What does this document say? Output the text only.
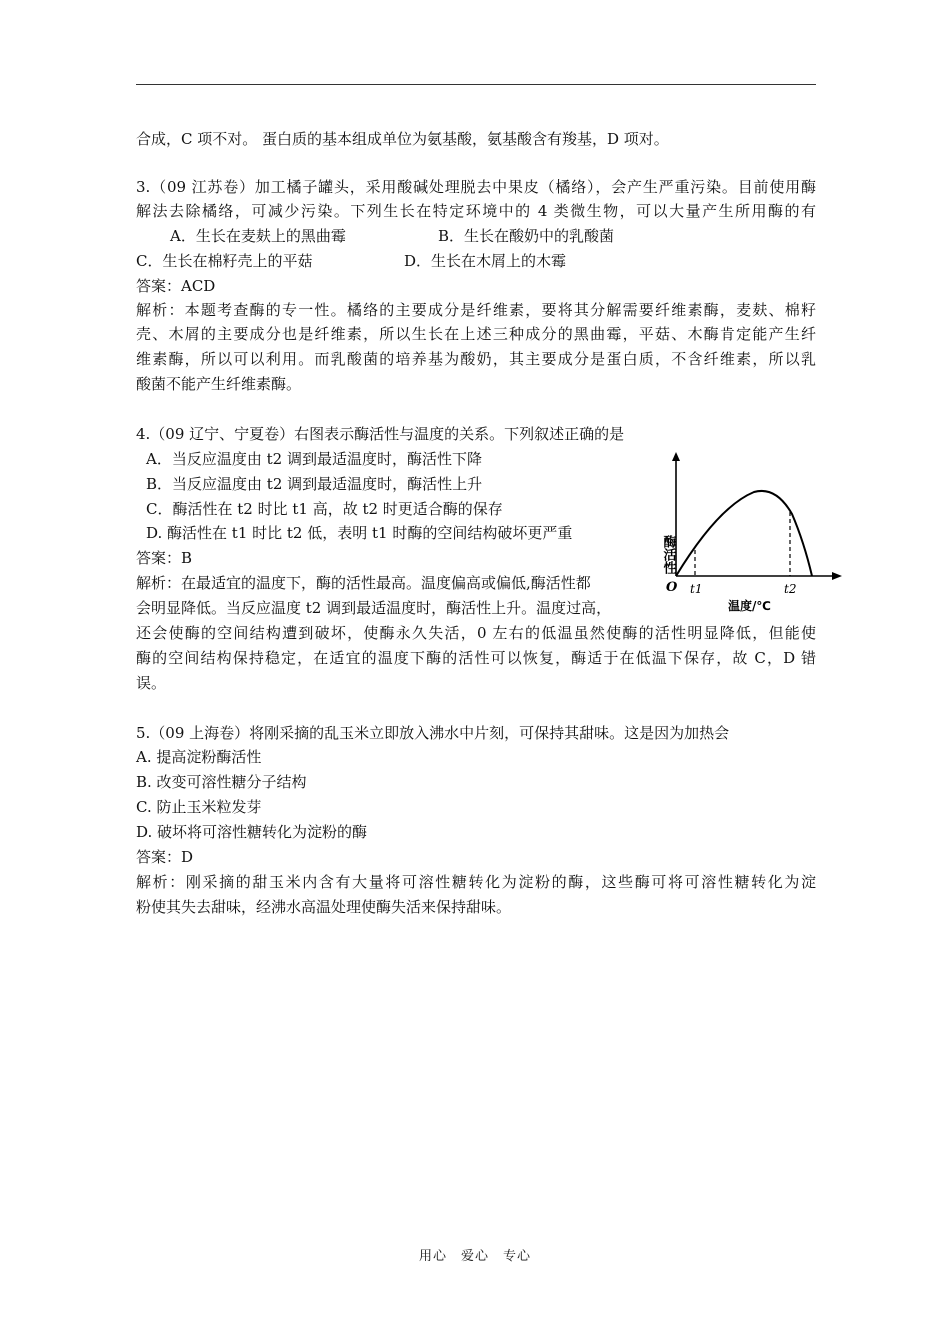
合成，C 项不对。 蛋白质的基本组成单位为氨基酸，氨基酸含有羧基，D 项对。
3.（09 江苏卷）加工橘子罐头，采用酸碱处理脱去中果皮（橘络），会产生严重污染。目前使用酶
解法去除橘络，可减少污染。下列生长在特定环境中的 4 类微生物，可以大量产生所用酶的有
A．生长在麦麸上的黑曲霉	B．生长在酸奶中的乳酸菌
C．生长在棉籽壳上的平菇	D．生长在木屑上的木霉
答案：ACD
解析：本题考查酶的专一性。橘络的主要成分是纤维素，要将其分解需要纤维素酶，麦麸、棉籽
壳、木屑的主要成分也是纤维素，所以生长在上述三种成分的黑曲霉，平菇、木酶肯定能产生纤
维素酶，所以可以利用。而乳酸菌的培养基为酸奶，其主要成分是蛋白质，不含纤维素，所以乳
酸菌不能产生纤维素酶。
4.（09 辽宁、宁夏卷）右图表示酶活性与温度的关系。下列叙述正确的是
A．当反应温度由 t2 调到最适温度时，酶活性下降
B．当反应温度由 t2 调到最适温度时，酶活性上升
C．酶活性在 t2 时比 t1 高，故 t2 时更适合酶的保存
D. 酶活性在 t1 时比 t2 低，表明 t1 时酶的空间结构破坏更严重
答案：B
解析：在最适宜的温度下，酶的活性最高。温度偏高或偏低,酶活性都
会明显降低。当反应温度 t2 调到最适温度时，酶活性上升。温度过高，
还会使酶的空间结构遭到破坏，使酶永久失活，0 左右的低温虽然使酶的活性明显降低，但能使
酶的空间结构保持稳定，在适宜的温度下酶的活性可以恢复，酶适于在低温下保存，故 C，D 错
误。
酶活性
O t1	t2
温度/℃
5.（09 上海卷）将刚采摘的乱玉米立即放入沸水中片刻，可保持其甜味。这是因为加热会
A. 提高淀粉酶活性
B. 改变可溶性糖分子结构
C. 防止玉米粒发芽
D. 破坏将可溶性糖转化为淀粉的酶
答案：D
解析：刚采摘的甜玉米内含有大量将可溶性糖转化为淀粉的酶，这些酶可将可溶性糖转化为淀
粉使其失去甜味，经沸水高温处理使酶失活来保持甜味。
用心　爱心　专心
